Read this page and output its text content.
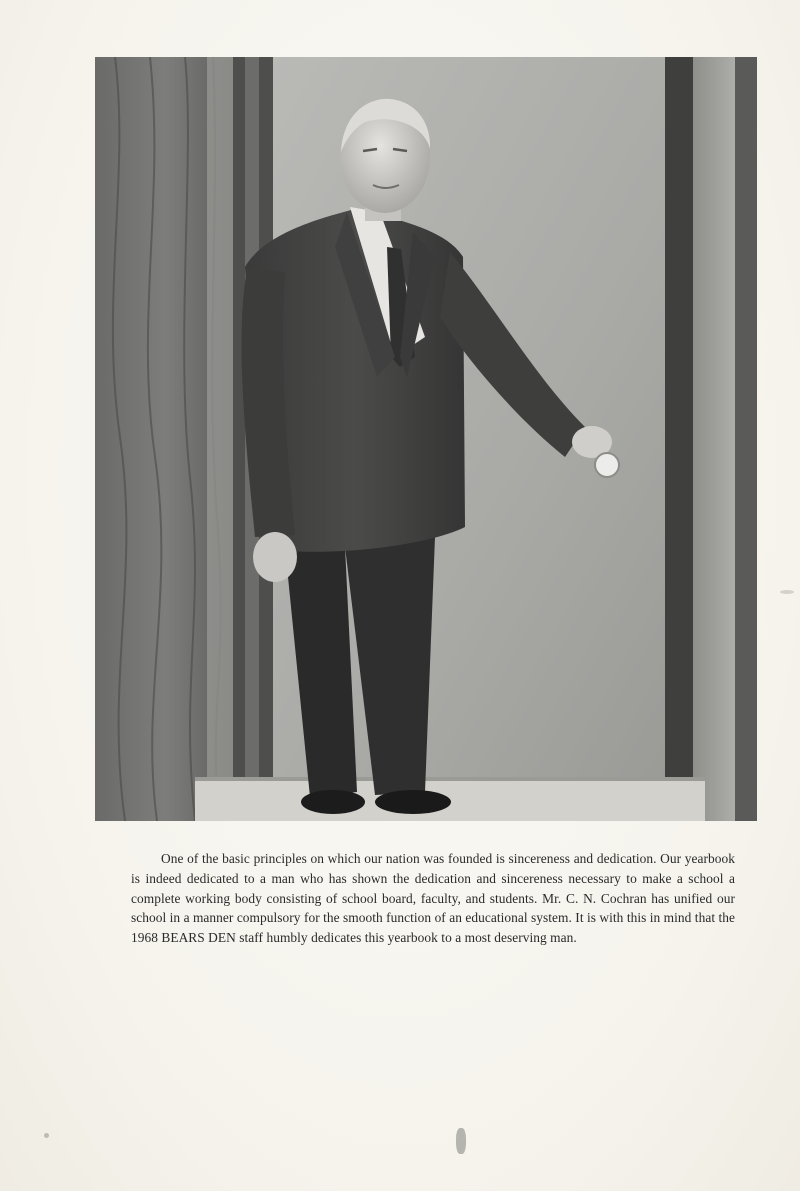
One of the basic principles on which our nation was founded is sincereness and dedication. Our yearbook is indeed dedicated to a man who has shown the dedication and sincereness necessary to make a school a complete working body consisting of school board, faculty, and students. Mr. C. N. Cochran has unified our school in a manner compulsory for the smooth function of an educational system. It is with this in mind that the 1968 BEARS DEN staff humbly dedicates this yearbook to a most deserving man.
